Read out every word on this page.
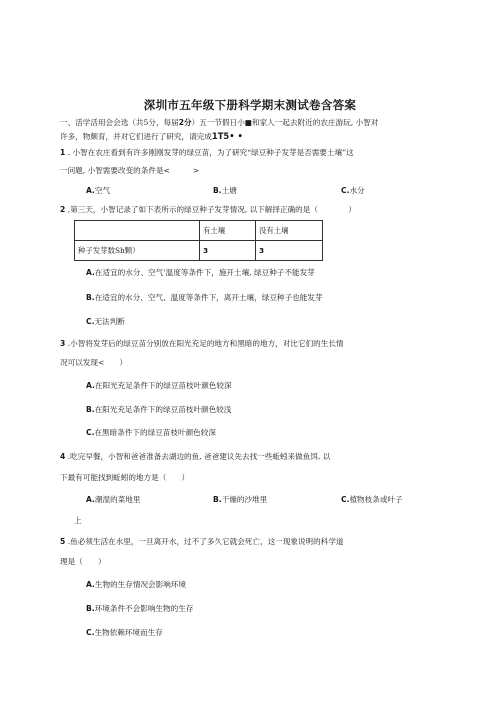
深圳市五年级下册科学期末测试卷含答案
一、活学活用会会选（共5分，每届2分）五一节假日小■和家人一起去附近的农庄游玩, 小智对
许多，物颇育，并对它们进行了研究，请完成1T5• •
1 . 小智在农庄看到有许多刚刚发芽的绿豆苗，为了研究“绿豆种子发芽是否需要土壤”这
一问题, 小智需要改变的条件是<　　　>
A.空气	B.土塘	C.水分
2 ,第三天，小智记录了如下表所示的绿豆种子发芽情况, 以下解择正确的是（　　　　）
	有土壤	没有土壤
种子发芽数Sh颗）	3	3
A.在适宜的水分、空气’温度等条件下，施开土壤, 绿豆种子不能发芽
B.在适宜的水分、空气、温度等条件下，离开土壤，绿豆种子也能发芽
C.无法判断
3 .小智将发芽后的绿豆苗分别放在阳光充足的地方和黑暗的地方，对比它们的生长情
况可以发现<　　）
A.在阳光充足条件下的绿豆苗枝叶颜色较深
B.在阳光充足条件下的绿豆苗枝叶颜色较浅
C.在黑暗条件下的绿豆苗枝叶颜色较深
4 .吃完早餐，小智和爸爸准备去湖边的鱼, 爸爸建议先去找一些蚯蚓来做鱼饵, 以
下最有可能找到蚯蚓的地方是（　　）
A.潮湿的菜地里	B.干燥的沙堆里	C.植物枝条或叶子
上
5 .鱼必须生活在水里，一旦离开水，过不了多久它就会死亡，这一现象说明的科学道
理是（　　）
A.生物的生存情况会影响环境
B.环境条件不会影响生物的生存
C.生物依赖环境而生存
